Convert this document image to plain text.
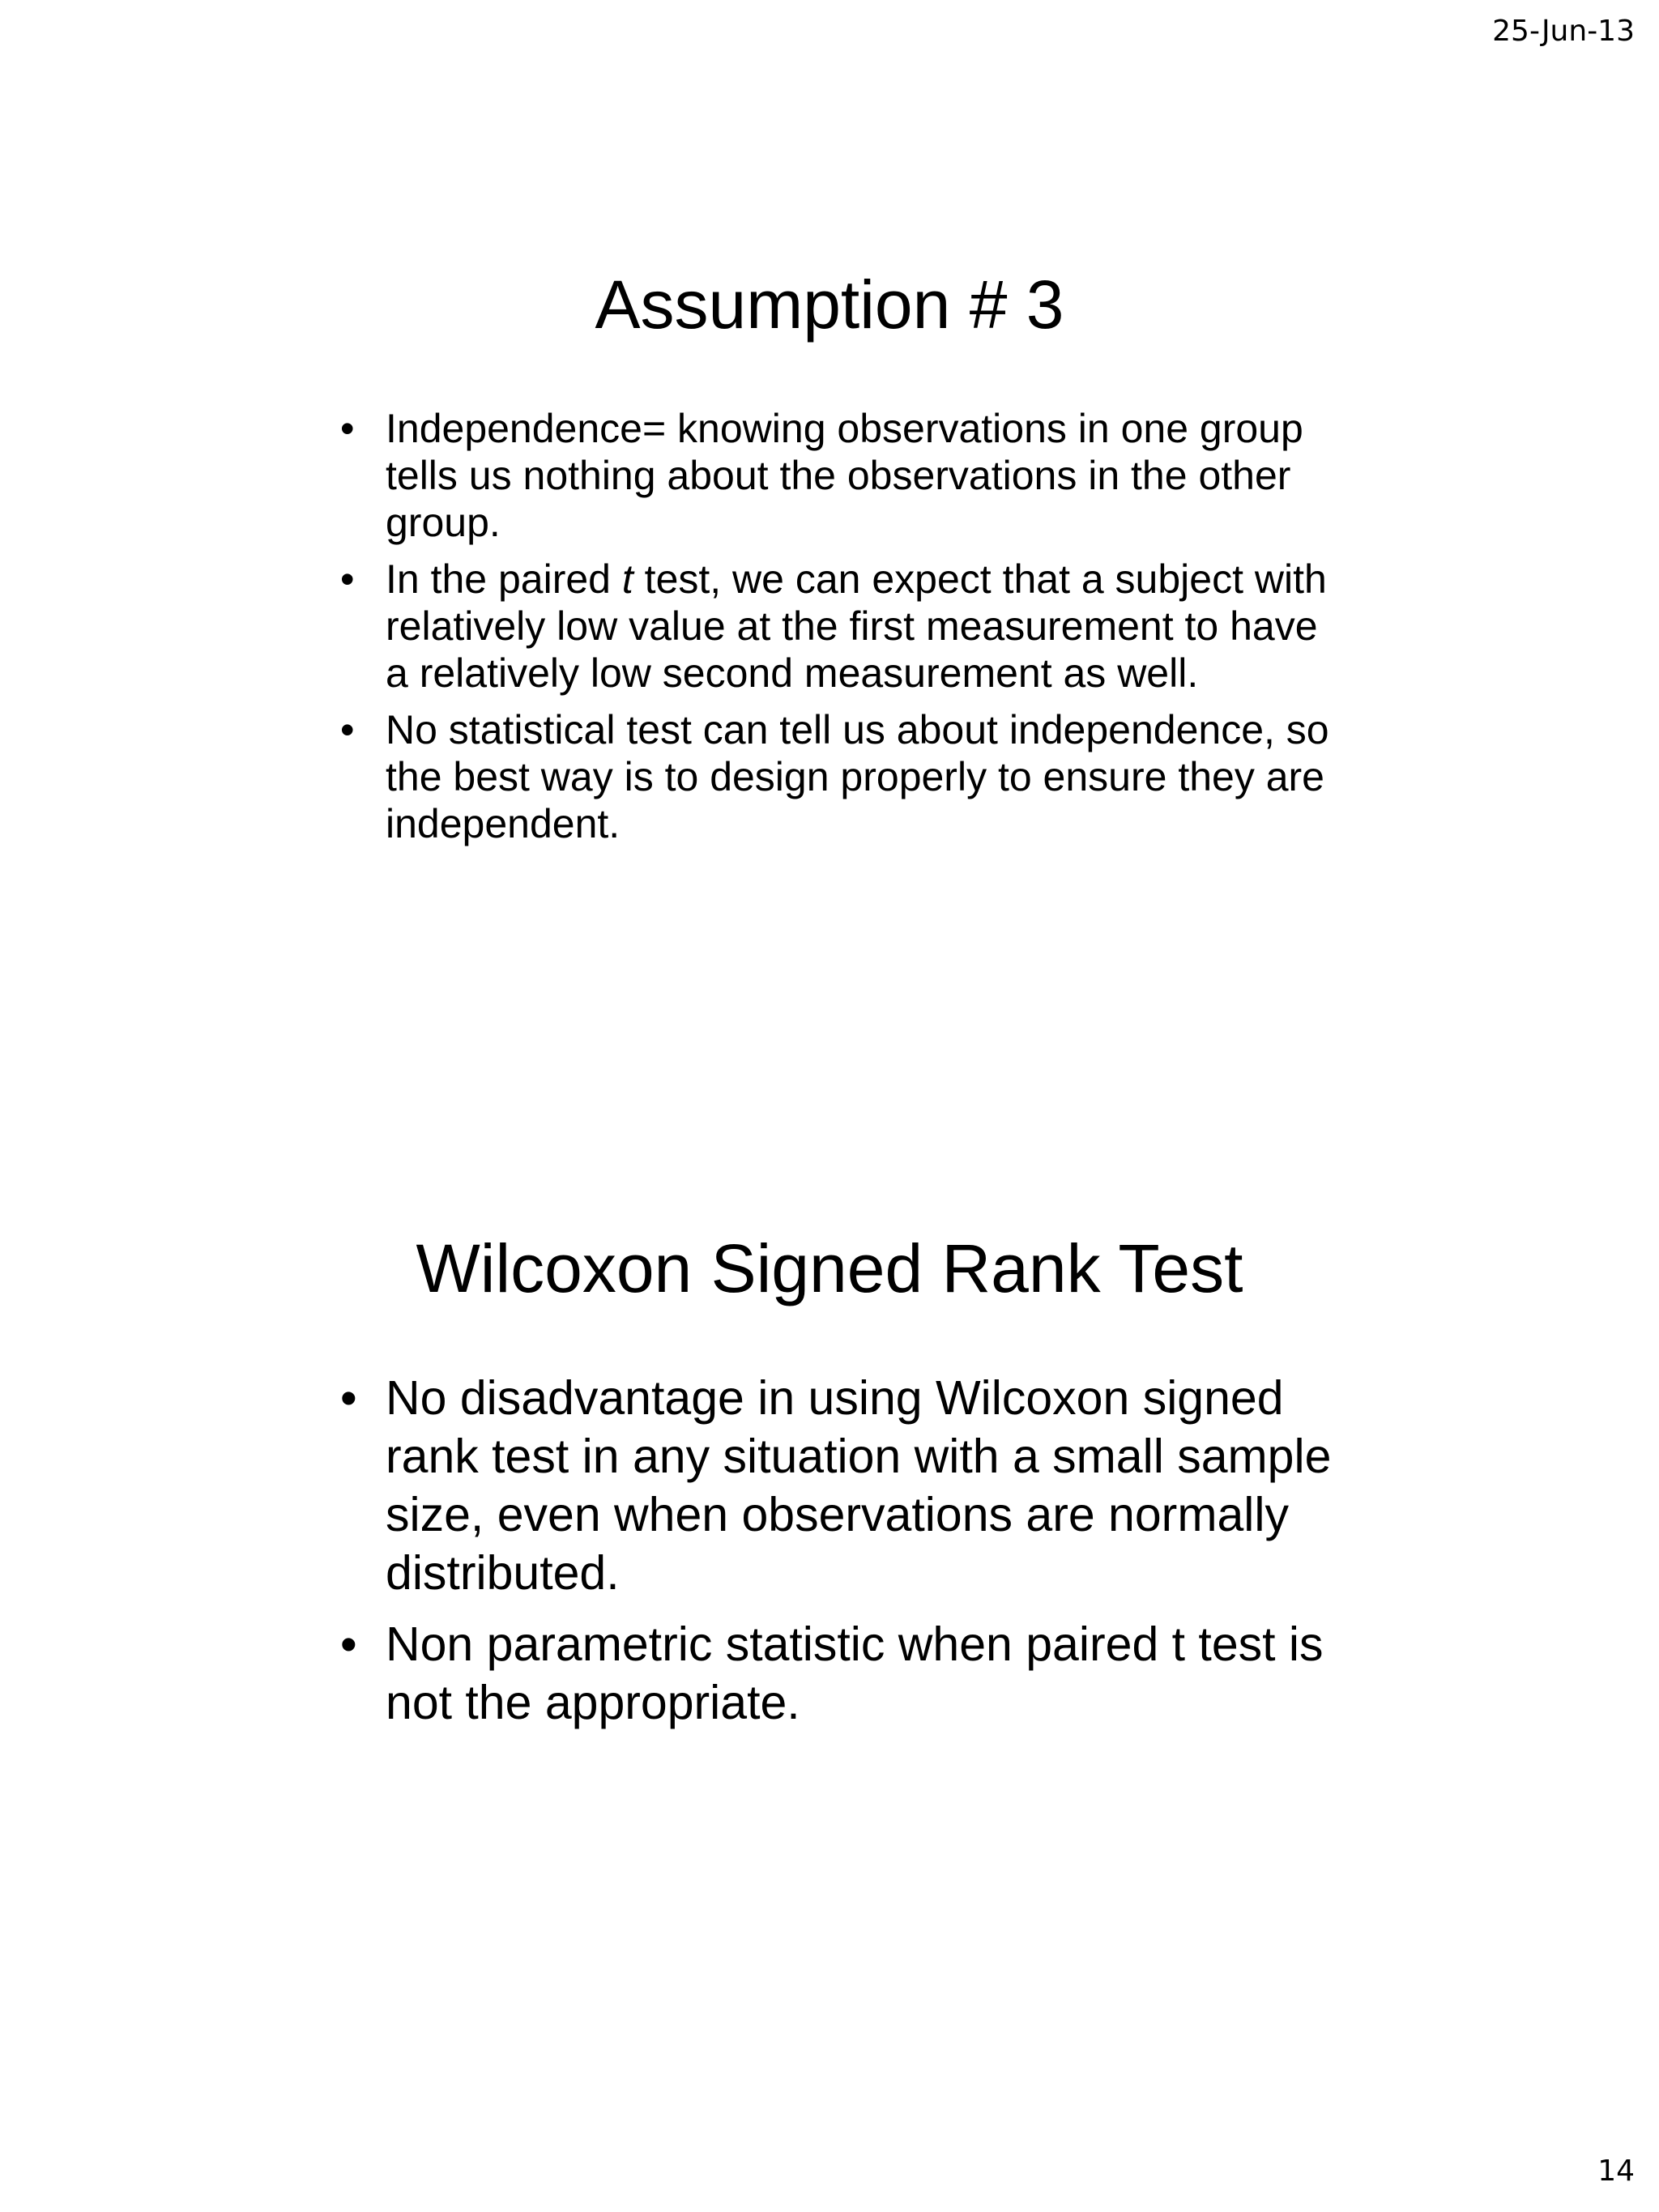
25-Jun-13
Assumption # 3
• Independence= knowing observations in one group tells us nothing about the observations in the other group.
• In the paired t test, we can expect that a subject with relatively low value at the first measurement to have a relatively low second measurement as well.
• No statistical test can tell us about independence, so the best way is to design properly to ensure they are independent.
Wilcoxon Signed Rank Test
• No disadvantage in using Wilcoxon signed rank test in any situation with a small sample size, even when observations are normally distributed.
• Non parametric statistic when paired t test is not the appropriate.
14
